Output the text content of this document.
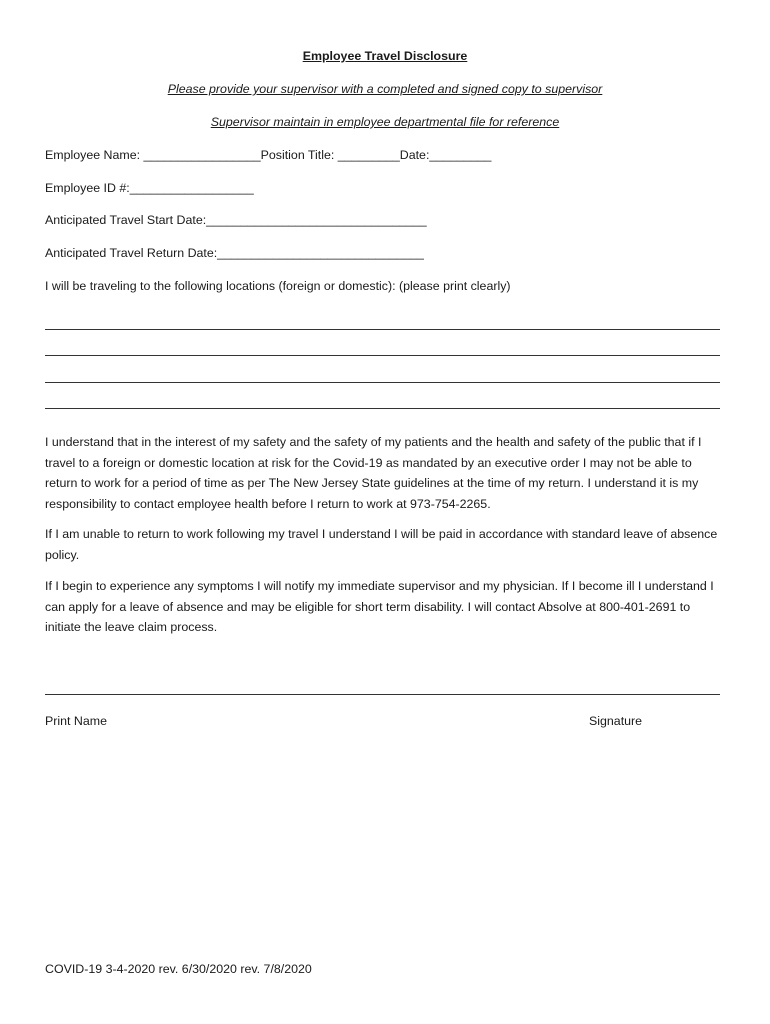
Employee Travel Disclosure
Please provide your supervisor with a completed and signed copy to supervisor
Supervisor maintain in employee departmental file for reference
Employee Name: _________________Position Title: _________Date:_________
Employee ID #:__________________
Anticipated Travel Start Date:________________________________
Anticipated Travel Return Date:______________________________
I will be traveling to the following locations (foreign or domestic): (please print clearly)
I understand that in the interest of my safety and the safety of my patients and the health and safety of the public that if I travel to a foreign or domestic location at risk for the Covid-19 as mandated by an executive order I may not be able to return to work for a period of time as per The New Jersey State guidelines at the time of my return. I understand it is my responsibility to contact employee health before I return to work at 973-754-2265.
If I am unable to return to work following my travel I understand I will be paid in accordance with standard leave of absence policy.
If I begin to experience any symptoms I will notify my immediate supervisor and my physician. If I become ill I understand I can apply for a leave of absence and may be eligible for short term disability. I will contact Absolve at 800-401-2691 to initiate the leave claim process.
Print Name	Signature
COVID-19 3-4-2020 rev. 6/30/2020 rev. 7/8/2020
